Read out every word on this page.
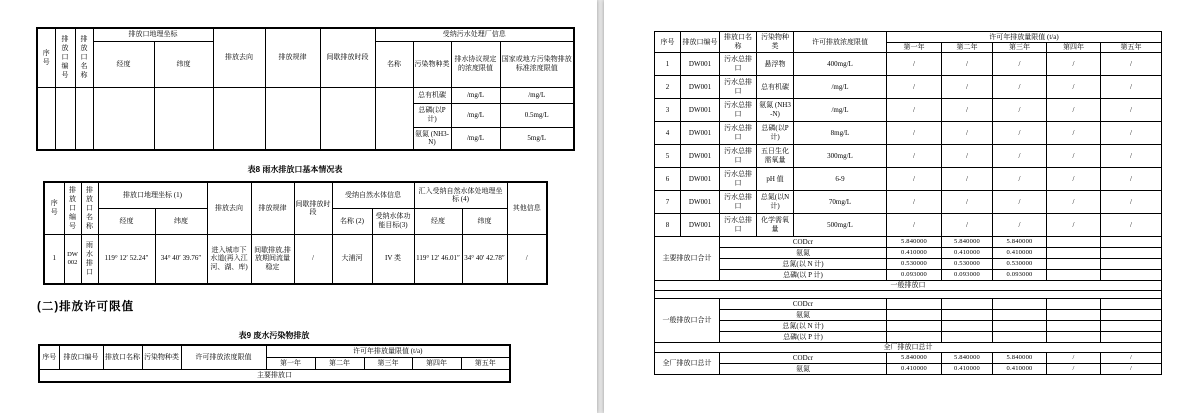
序号	排放口编号	排放口名称	排放口地理坐标		排放去向	排放规律	间歇排放时段	受纳污水处理厂信息			
			经度	纬度				名称	污染物种类	排水协议规定的浓度限值	国家或地方污染物排放标准浓度限值
									总有机碳	/mg/L	/mg/L
									总磷(以P 计)	/mg/L	0.5mg/L
									氨氮 (NH3-N)	/mg/L	5mg/L
表8 雨水排放口基本情况表
序号	排放口编号	排放口名称	排放口地理坐标 (1)		排放去向	排放规律	间歇排放时段	受纳自然水体信息		汇入受纳自然水体处地理坐标 (4)		其他信息
			经度	纬度				名称 (2)	受纳水体功能目标(3)	经度	纬度	
1	DW002	雨水排口	119° 12′ 52.24″	34° 40′ 39.76″	进入城市下水道(再入江河、湖、库)	间歇排放,排放期间流量稳定	/	大浦河	IV 类	119° 12′ 46.01″	34° 40′ 42.78″	/
(二)排放许可限值
表9 废水污染物排放
序号	排放口编号	排放口名称	污染物种类	许可排放浓度限值	许可年排放量限值 (t/a)				
					第一年	第二年	第三年	第四年	第五年
主要排放口									
序号	排放口编号	排放口名称	污染物种类	许可排放浓度限值	许可年排放量限值 (t/a)				
					第一年	第二年	第三年	第四年	第五年
1	DW001	污水总排口	悬浮物	400mg/L	/	/	/	/	/
2	DW001	污水总排口	总有机碳	/mg/L	/	/	/	/	/
3	DW001	污水总排口	氨氮 (NH3-N)	/mg/L	/	/	/	/	/
4	DW001	污水总排口	总磷(以P 计)	8mg/L	/	/	/	/	/
5	DW001	污水总排口	五日生化需氧量	300mg/L	/	/	/	/	/
6	DW001	污水总排口	pH 值	6-9	/	/	/	/	/
7	DW001	污水总排口	总氮(以N 计)	70mg/L	/	/	/	/	/
8	DW001	污水总排口	化学需氧量	500mg/L	/	/	/	/	/
主要排放口合计		CODcr			5.840000	5.840000	5.840000		
		氨氮			0.410000	0.410000	0.410000		
		总氮(以 N 计)			0.530000	0.530000	0.530000		
		总磷(以 P 计)			0.093000	0.093000	0.093000		
一般排放口									

一般排放口合计		CODcr							
		氨氮							
		总氮(以 N 计)							
		总磷(以 P 计)							
全厂排放口总计									
全厂排放口总计		CODcr			5.840000	5.840000	5.840000	/	/
		氨氮			0.410000	0.410000	0.410000	/	/
